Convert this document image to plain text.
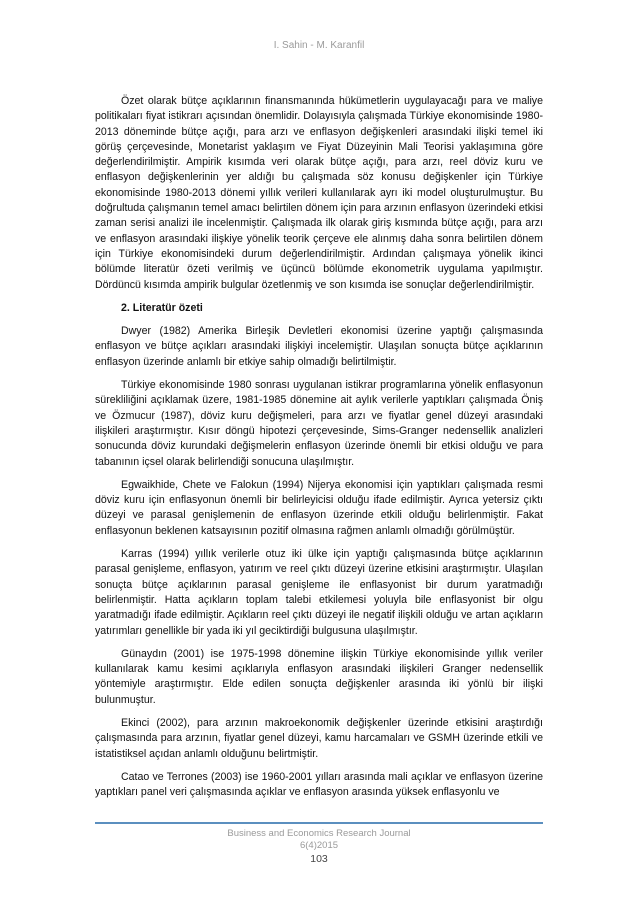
I. Sahin - M. Karanfil

Özet olarak bütçe açıklarının finansmanında hükümetlerin uygulayacağı para ve maliye politikaları fiyat istikrarı açısından önemlidir. Dolayısıyla çalışmada Türkiye ekonomisinde 1980-2013 döneminde bütçe açığı, para arzı ve enflasyon değişkenleri arasındaki ilişki temel iki görüş çerçevesinde, Monetarist yaklaşım ve Fiyat Düzeyinin Mali Teorisi yaklaşımına göre değerlendirilmiştir. Ampirik kısımda veri olarak bütçe açığı, para arzı, reel döviz kuru ve enflasyon değişkenlerinin yer aldığı bu çalışmada söz konusu değişkenler için Türkiye ekonomisinde 1980-2013 dönemi yıllık verileri kullanılarak ayrı iki model oluşturulmuştur. Bu doğrultuda çalışmanın temel amacı belirtilen dönem için para arzının enflasyon üzerindeki etkisi zaman serisi analizi ile incelenmiştir. Çalışmada ilk olarak giriş kısmında bütçe açığı, para arzı ve enflasyon arasındaki ilişkiye yönelik teorik çerçeve ele alınmış daha sonra belirtilen dönem için Türkiye ekonomisindeki durum değerlendirilmiştir. Ardından çalışmaya yönelik ikinci bölümde literatür özeti verilmiş ve üçüncü bölümde ekonometrik uygulama yapılmıştır. Dördüncü kısımda ampirik bulgular özetlenmiş ve son kısımda ise sonuçlar değerlendirilmiştir.

2. Literatür özeti

Dwyer (1982) Amerika Birleşik Devletleri ekonomisi üzerine yaptığı çalışmasında enflasyon ve bütçe açıkları arasındaki ilişkiyi incelemiştir. Ulaşılan sonuçta bütçe açıklarının enflasyon üzerinde anlamlı bir etkiye sahip olmadığı belirtilmiştir.

Türkiye ekonomisinde 1980 sonrası uygulanan istikrar programlarına yönelik enflasyonun sürekliliğini açıklamak üzere, 1981-1985 dönemine ait aylık verilerle yaptıkları çalışmada Öniş ve Özmucur (1987), döviz kuru değişmeleri, para arzı ve fiyatlar genel düzeyi arasındaki ilişkileri araştırmıştır. Kısır döngü hipotezi çerçevesinde, Sims-Granger nedensellik analizleri sonucunda döviz kurundaki değişmelerin enflasyon üzerinde önemli bir etkisi olduğu ve para tabanının içsel olarak belirlendiği sonucuna ulaşılmıştır.

Egwaikhide, Chete ve Falokun (1994) Nijerya ekonomisi için yaptıkları çalışmada resmi döviz kuru için enflasyonun önemli bir belirleyicisi olduğu ifade edilmiştir. Ayrıca yetersiz çıktı düzeyi ve parasal genişlemenin de enflasyon üzerinde etkili olduğu belirlenmiştir. Fakat enflasyonun beklenen katsayısının pozitif olmasına rağmen anlamlı olmadığı görülmüştür.

Karras (1994) yıllık verilerle otuz iki ülke için yaptığı çalışmasında bütçe açıklarının parasal genişleme, enflasyon, yatırım ve reel çıktı düzeyi üzerine etkisini araştırmıştır. Ulaşılan sonuçta bütçe açıklarının parasal genişleme ile enflasyonist bir durum yaratmadığı belirlenmiştir. Hatta açıkların toplam talebi etkilemesi yoluyla bile enflasyonist bir olgu yaratmadığı ifade edilmiştir. Açıkların reel çıktı düzeyi ile negatif ilişkili olduğu ve artan açıkların yatırımları genellikle bir yada iki yıl geciktirdiği bulgusuna ulaşılmıştır.

Günaydın (2001) ise 1975-1998 dönemine ilişkin Türkiye ekonomisinde yıllık veriler kullanılarak kamu kesimi açıklarıyla enflasyon arasındaki ilişkileri Granger nedensellik yöntemiyle araştırmıştır. Elde edilen sonuçta değişkenler arasında iki yönlü bir ilişki bulunmuştur.

Ekinci (2002), para arzının makroekonomik değişkenler üzerinde etkisini araştırdığı çalışmasında para arzının, fiyatlar genel düzeyi, kamu harcamaları ve GSMH üzerinde etkili ve istatistiksel açıdan anlamlı olduğunu belirtmiştir.

Catao ve Terrones (2003) ise 1960-2001 yılları arasında mali açıklar ve enflasyon üzerine yaptıkları panel veri çalışmasında açıklar ve enflasyon arasında yüksek enflasyonlu ve

Business and Economics Research Journal
6(4)2015
103
